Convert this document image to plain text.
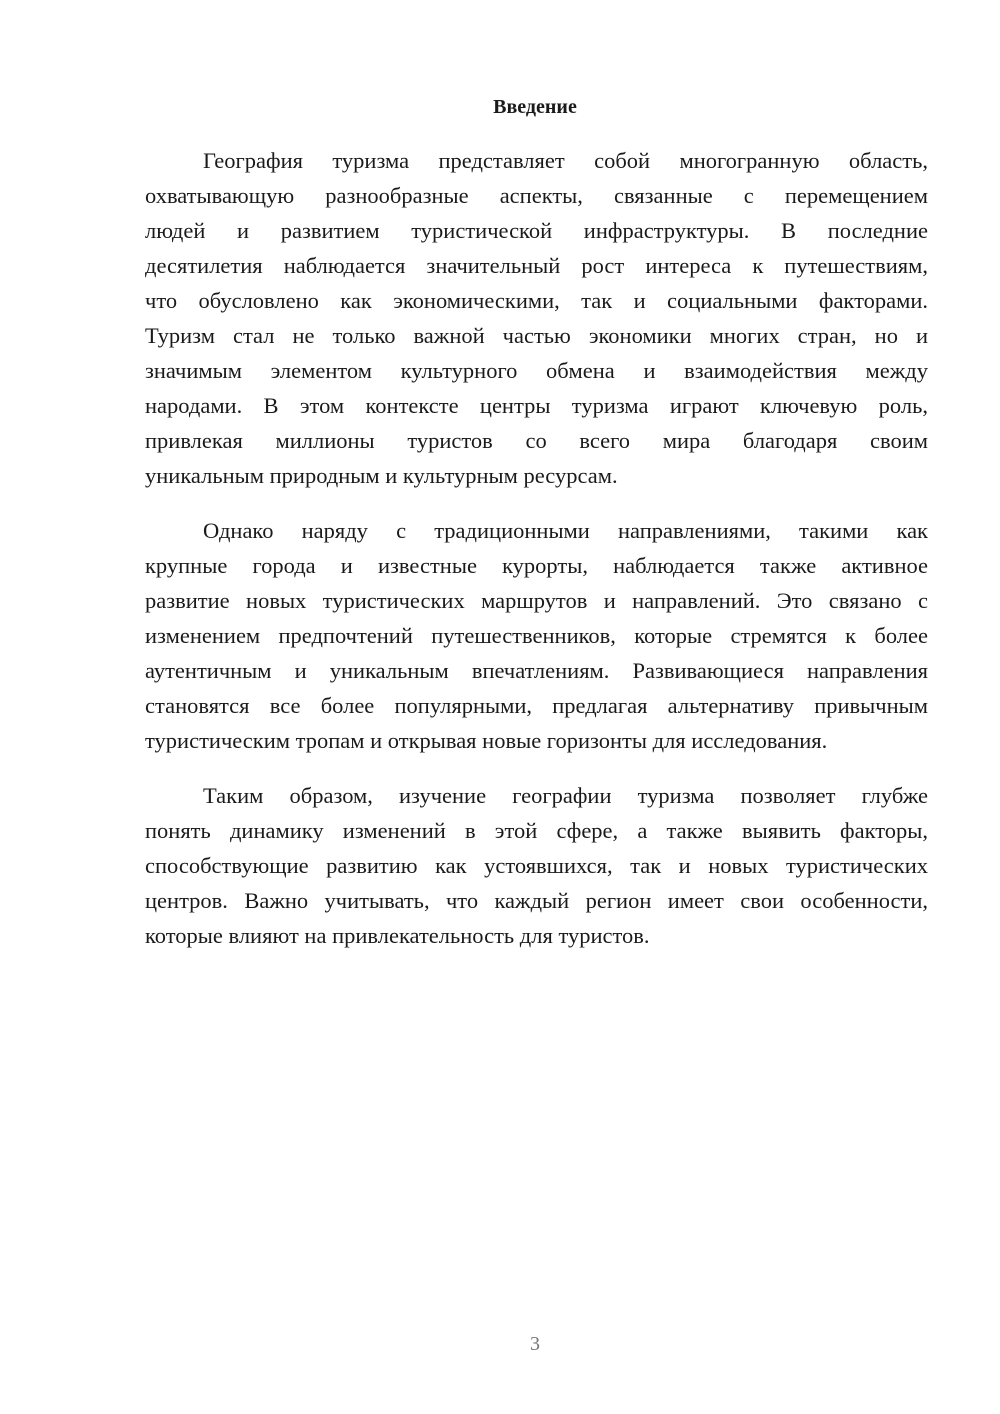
Введение
География туризма представляет собой многогранную область,
охватывающую разнообразные аспекты, связанные с перемещением
людей и развитием туристической инфраструктуры. В последние
десятилетия наблюдается значительный рост интереса к путешествиям,
что обусловлено как экономическими, так и социальными факторами.
Туризм стал не только важной частью экономики многих стран, но и
значимым элементом культурного обмена и взаимодействия между
народами. В этом контексте центры туризма играют ключевую роль,
привлекая миллионы туристов со всего мира благодаря своим
уникальным природным и культурным ресурсам.
Однако наряду с традиционными направлениями, такими как
крупные города и известные курорты, наблюдается также активное
развитие новых туристических маршрутов и направлений. Это связано с
изменением предпочтений путешественников, которые стремятся к более
аутентичным и уникальным впечатлениям. Развивающиеся направления
становятся все более популярными, предлагая альтернативу привычным
туристическим тропам и открывая новые горизонты для исследования.
Таким образом, изучение географии туризма позволяет глубже
понять динамику изменений в этой сфере, а также выявить факторы,
способствующие развитию как устоявшихся, так и новых туристических
центров. Важно учитывать, что каждый регион имеет свои особенности,
которые влияют на привлекательность для туристов.
3
